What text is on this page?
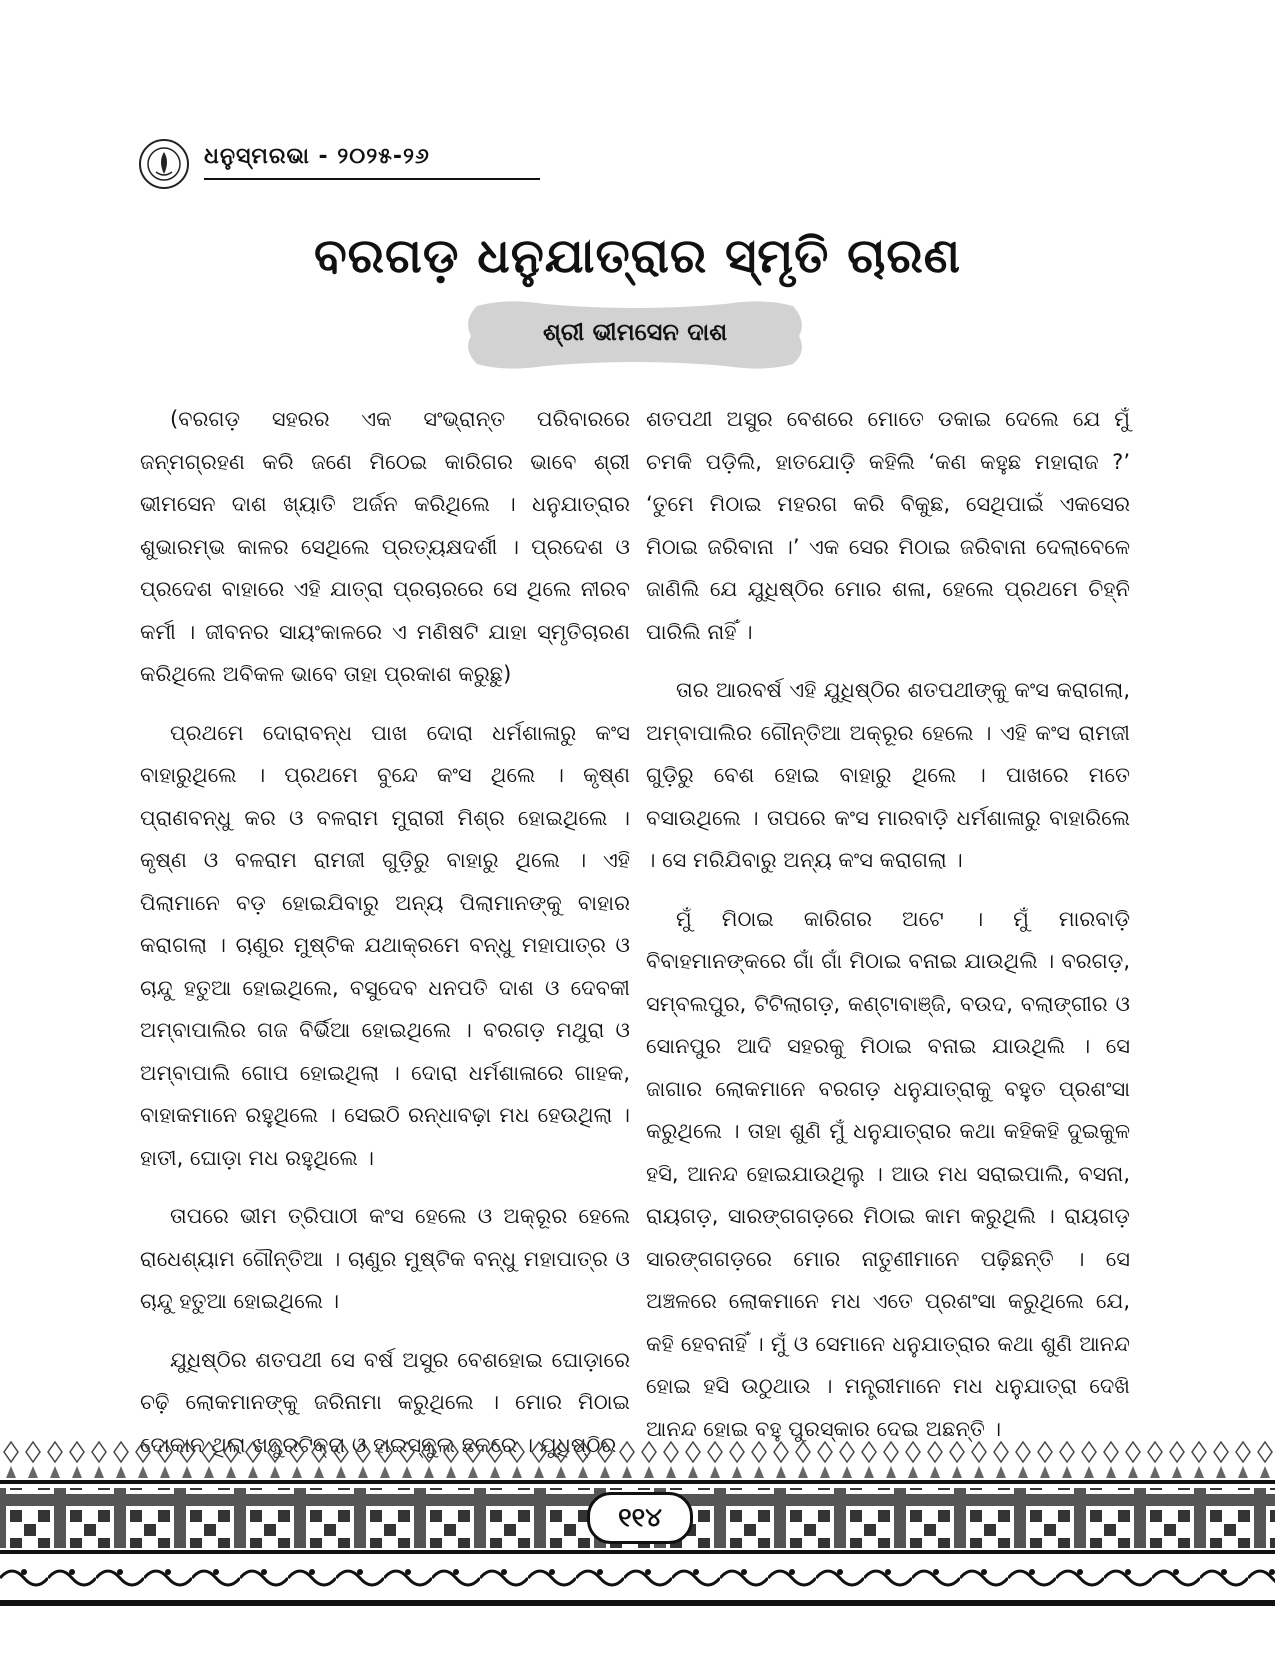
ଧନୁସ୍ମରଭା - ୨୦୨୫-୨୬
ବରଗଡ଼ ଧନୁଯାତ୍ରାର ସ୍ମୃତି ଚାରଣ
ଶ୍ରୀ ଭୀମସେନ ଦାଶ

(ବରଗଡ଼ ସହରର ଏକ ସଂଭ୍ରାନ୍ତ ପରିବାରରେ ଜନ୍ମଗ୍ରହଣ କରି ଜଣେ ମିଠେଇ କାରିଗର ଭାବେ ଶ୍ରୀ ଭୀମସେନ ଦାଶ ଖ୍ୟାତି ଅର୍ଜନ କରିଥିଲେ । ଧନୁଯାତ୍ରାର ଶୁଭାରମ୍ଭ କାଳର ସେଥିଲେ ପ୍ରତ୍ୟକ୍ଷଦର୍ଶୀ । ପ୍ରଦେଶ ଓ ପ୍ରଦେଶ ବାହାରେ ଏହି ଯାତ୍ରା ପ୍ରଚାରରେ ସେ ଥିଲେ ନୀରବ କର୍ମୀ । ଜୀବନର ସାୟଂକାଳରେ ଏ ମଣିଷଟି ଯାହା ସ୍ମୃତିଚାରଣ କରିଥିଲେ ଅବିକଳ ଭାବେ ତାହା ପ୍ରକାଶ କରୁଛୁ)

ପ୍ରଥମେ ଦୋରାବନ୍ଧ ପାଖ ଦୋରା ଧର୍ମଶାଳାରୁ କଂସ ବାହାରୁଥିଲେ । ପ୍ରଥମେ ବୁନ୍ଦେ କଂସ ଥିଲେ । କୃଷ୍ଣ ପ୍ରାଣବନ୍ଧୁ କର ଓ ବଳରାମ ମୁରାରୀ ମିଶ୍ର ହୋଇଥିଲେ । କୃଷ୍ଣ ଓ ବଳରାମ ରାମଜୀ ଗୁଡ଼ିରୁ ବାହାରୁ ଥିଲେ । ଏହି ପିଲାମାନେ ବଡ଼ ହୋଇଯିବାରୁ ଅନ୍ୟ ପିଲାମାନଙ୍କୁ ବାହାର କରାଗଲା । ଚାଣୁର ମୁଷ୍ଟିକ ଯଥାକ୍ରମେ ବନ୍ଧୁ ମହାପାତ୍ର ଓ ଚାନ୍ଦୁ ହତୁଆ ହୋଇଥିଲେ, ବସୁଦେବ ଧନପତି ଦାଶ ଓ ଦେବକୀ ଅମ୍ବାପାଲିର ଗଜ ବିର୍ଭିଆ ହୋଇଥିଲେ । ବରଗଡ଼ ମଥୁରା ଓ ଅମ୍ବାପାଲି ଗୋପ ହୋଇଥିଲା । ଦୋରା ଧର୍ମଶାଳାରେ ଗାହକ, ବାହାକମାନେ ରହୁଥିଲେ । ସେଇଠି ରନ୍ଧାବଢ଼ା ମଧ ହେଉଥିଲା । ହାତୀ, ଘୋଡ଼ା ମଧ ରହୁଥିଲେ ।

ତାପରେ ଭୀମ ତ୍ରିପାଠୀ କଂସ ହେଲେ ଓ ଅକ୍ରୂର ହେଲେ ରାଧେଶ୍ୟାମ ଗୌନ୍ତିଆ । ଚାଣୁର ମୁଷ୍ଟିକ ବନ୍ଧୁ ମହାପାତ୍ର ଓ ଚାନ୍ଦୁ ହତୁଆ ହୋଇଥିଲେ ।

ଯୁଧିଷ୍ଠିର ଶତପଥୀ ସେ ବର୍ଷ ଅସୁର ବେଶହୋଇ ଘୋଡ଼ାରେ ଚଢ଼ି ଲୋକମାନଙ୍କୁ ଜରିନାମା କରୁଥିଲେ । ମୋର ମିଠାଇ

ଶତପଥୀ ଅସୁର ବେଶରେ ମୋତେ ଡକାଇ ଦେଲେ ଯେ ମୁଁ ଚମକି ପଡ଼ିଲି, ହାତଯୋଡ଼ି କହିଲି ‘କଣ କହୁଛ ମହାରାଜ ?’ ‘ତୁମେ ମିଠାଇ ମହରଗ କରି ବିକୁଛ, ସେଥିପାଇଁ ଏକସେର ମିଠାଇ ଜରିବାନା ।’ ଏକ ସେର ମିଠାଇ ଜରିବାନା ଦେଲାବେଳେ ଜାଣିଲି ଯେ ଯୁଧିଷ୍ଠିର ମୋର ଶଳା, ହେଲେ ପ୍ରଥମେ ଚିହ୍ନି ପାରିଲି ନାହିଁ ।

ତାର ଆରବର୍ଷ ଏହି ଯୁଧିଷ୍ଠିର ଶତପଥୀଙ୍କୁ କଂସ କରାଗଲା, ଅମ୍ବାପାଲିର ଗୌନ୍ତିଆ ଅକ୍ରୂର ହେଲେ । ଏହି କଂସ ରାମଜୀ ଗୁଡ଼ିରୁ ବେଶ ହୋଇ ବାହାରୁ ଥିଲେ । ପାଖରେ ମତେ ବସାଉଥିଲେ । ତାପରେ କଂସ ମାରବାଡ଼ି ଧର୍ମଶାଳାରୁ ବାହାରିଲେ । ସେ ମରିଯିବାରୁ ଅନ୍ୟ କଂସ କରାଗଲା ।

ମୁଁ ମିଠାଇ କାରିଗର ଅଟେ । ମୁଁ ମାରବାଡ଼ି ବିବାହମାନଙ୍କରେ ଗାଁ ଗାଁ ମିଠାଇ ବନାଇ ଯାଉଥିଲି । ବରଗଡ଼, ସମ୍ବଲପୁର, ଟିଟିଲାଗଡ଼, କଣ୍ଟାବାଞ୍ଜି, ବଉଦ, ବଲାଙ୍ଗୀର ଓ ସୋନପୁର ଆଦି ସହରକୁ ମିଠାଇ ବନାଇ ଯାଉଥିଲି । ସେ ଜାଗାର ଲୋକମାନେ ବରଗଡ଼ ଧନୁଯାତ୍ରାକୁ ବହୁତ ପ୍ରଶଂସା କରୁଥିଲେ । ତାହା ଶୁଣି ମୁଁ ଧନୁଯାତ୍ରାର କଥା କହିକହି ଦୁଇକୁଳ ହସି, ଆନନ୍ଦ ହୋଇଯାଉଥିଲୁ । ଆଉ ମଧ ସରାଇପାଲି, ବସନା, ରାୟଗଡ଼, ସାରଙ୍ଗଗଡ଼ରେ ମିଠାଇ କାମ କରୁଥିଲି । ରାୟଗଡ଼ ସାରଙ୍ଗଗଡ଼ରେ ମୋର ନାତୁଣୀମାନେ ପଢ଼ିଛନ୍ତି । ସେ ଅଞ୍ଚଳରେ ଲୋକମାନେ ମଧ ଏତେ ପ୍ରଶଂସା କରୁଥିଲେ ଯେ, କହି ହେବନାହିଁ । ମୁଁ ଓ ସେମାନେ ଧନୁଯାତ୍ରାର କଥା ଶୁଣି ଆନନ୍ଦ ହୋଇ ହସି ଉଠୁଥାଉ । ମନ୍ତ୍ରୀମାନେ ମଧ ଧନୁଯାତ୍ରା ଦେଖି ଆନନ୍ଦ ହୋଇ ବହୁ ପୁରସ୍କାର ଦେଇ ଅଛନ୍ତି ।

୧୧୪
